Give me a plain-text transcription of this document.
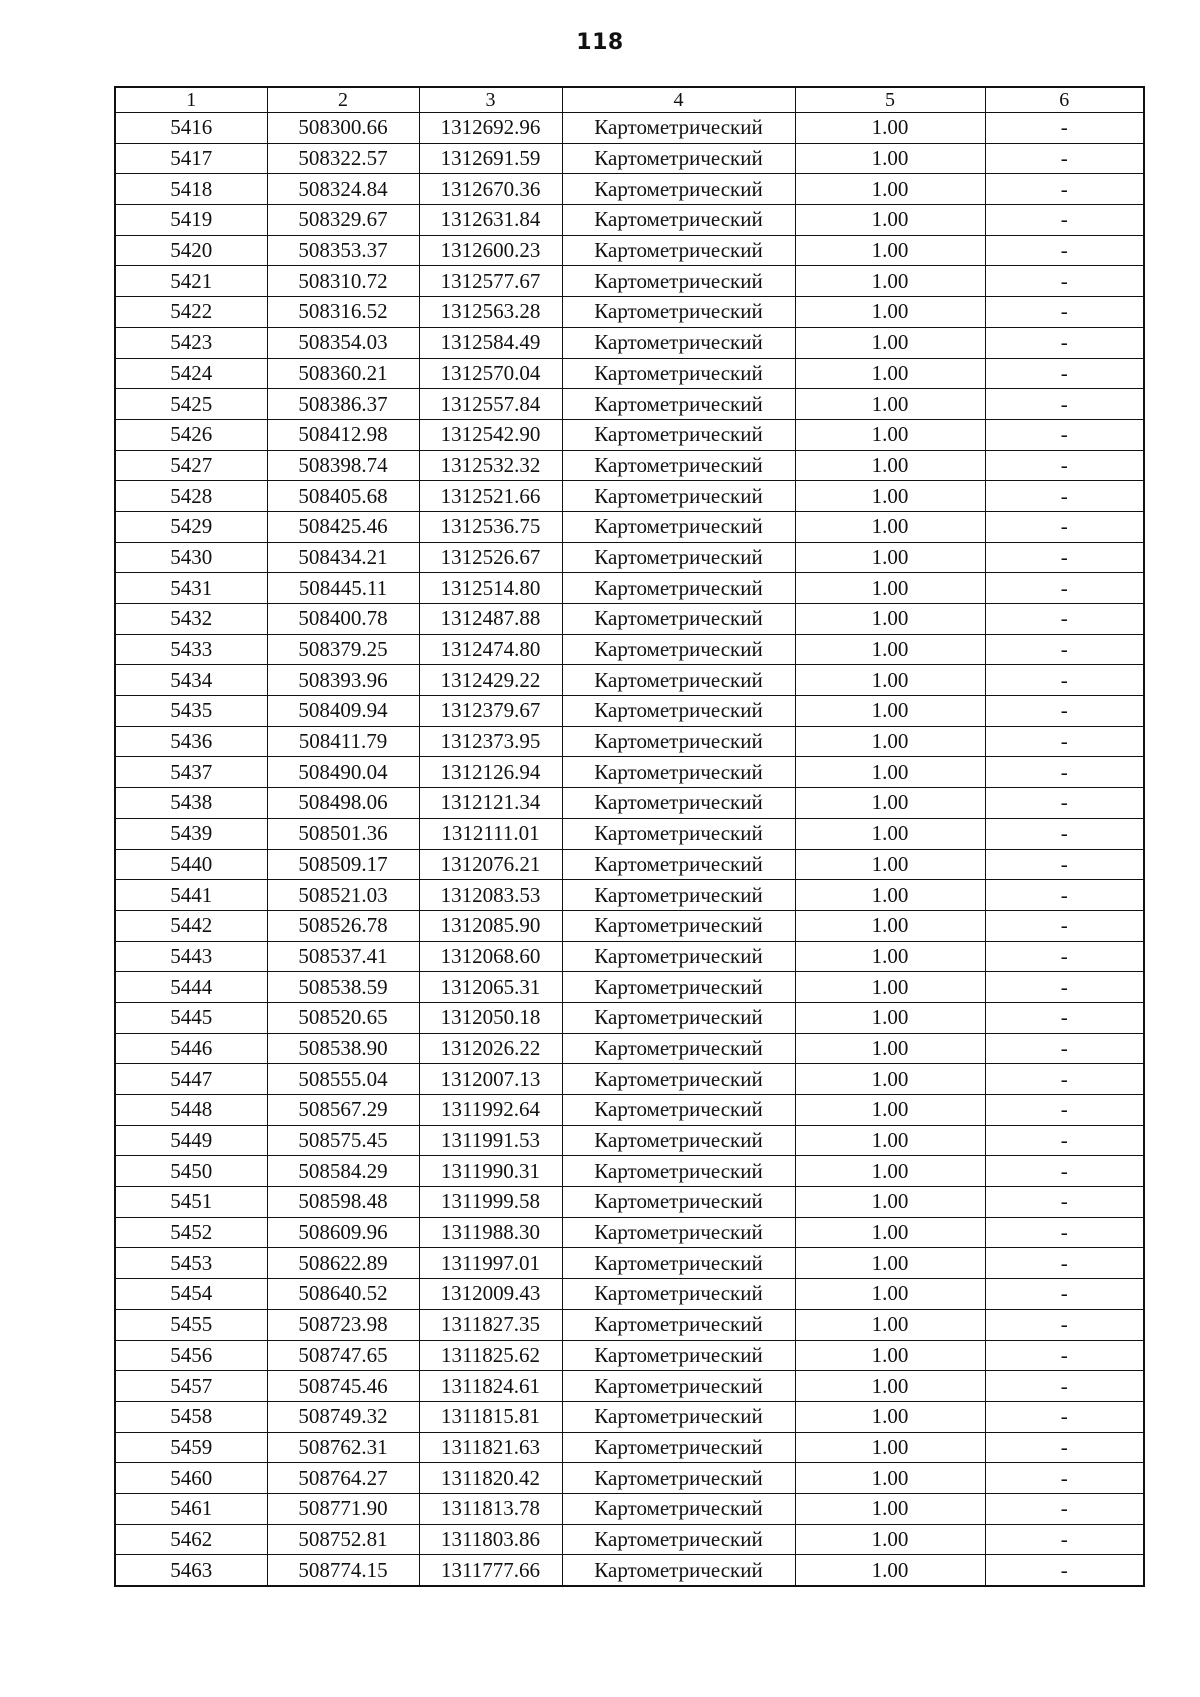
118
1	2	3	4	5	6
5416	508300.66	1312692.96	Картометрический	1.00	-
5417	508322.57	1312691.59	Картометрический	1.00	-
5418	508324.84	1312670.36	Картометрический	1.00	-
5419	508329.67	1312631.84	Картометрический	1.00	-
5420	508353.37	1312600.23	Картометрический	1.00	-
5421	508310.72	1312577.67	Картометрический	1.00	-
5422	508316.52	1312563.28	Картометрический	1.00	-
5423	508354.03	1312584.49	Картометрический	1.00	-
5424	508360.21	1312570.04	Картометрический	1.00	-
5425	508386.37	1312557.84	Картометрический	1.00	-
5426	508412.98	1312542.90	Картометрический	1.00	-
5427	508398.74	1312532.32	Картометрический	1.00	-
5428	508405.68	1312521.66	Картометрический	1.00	-
5429	508425.46	1312536.75	Картометрический	1.00	-
5430	508434.21	1312526.67	Картометрический	1.00	-
5431	508445.11	1312514.80	Картометрический	1.00	-
5432	508400.78	1312487.88	Картометрический	1.00	-
5433	508379.25	1312474.80	Картометрический	1.00	-
5434	508393.96	1312429.22	Картометрический	1.00	-
5435	508409.94	1312379.67	Картометрический	1.00	-
5436	508411.79	1312373.95	Картометрический	1.00	-
5437	508490.04	1312126.94	Картометрический	1.00	-
5438	508498.06	1312121.34	Картометрический	1.00	-
5439	508501.36	1312111.01	Картометрический	1.00	-
5440	508509.17	1312076.21	Картометрический	1.00	-
5441	508521.03	1312083.53	Картометрический	1.00	-
5442	508526.78	1312085.90	Картометрический	1.00	-
5443	508537.41	1312068.60	Картометрический	1.00	-
5444	508538.59	1312065.31	Картометрический	1.00	-
5445	508520.65	1312050.18	Картометрический	1.00	-
5446	508538.90	1312026.22	Картометрический	1.00	-
5447	508555.04	1312007.13	Картометрический	1.00	-
5448	508567.29	1311992.64	Картометрический	1.00	-
5449	508575.45	1311991.53	Картометрический	1.00	-
5450	508584.29	1311990.31	Картометрический	1.00	-
5451	508598.48	1311999.58	Картометрический	1.00	-
5452	508609.96	1311988.30	Картометрический	1.00	-
5453	508622.89	1311997.01	Картометрический	1.00	-
5454	508640.52	1312009.43	Картометрический	1.00	-
5455	508723.98	1311827.35	Картометрический	1.00	-
5456	508747.65	1311825.62	Картометрический	1.00	-
5457	508745.46	1311824.61	Картометрический	1.00	-
5458	508749.32	1311815.81	Картометрический	1.00	-
5459	508762.31	1311821.63	Картометрический	1.00	-
5460	508764.27	1311820.42	Картометрический	1.00	-
5461	508771.90	1311813.78	Картометрический	1.00	-
5462	508752.81	1311803.86	Картометрический	1.00	-
5463	508774.15	1311777.66	Картометрический	1.00	-
